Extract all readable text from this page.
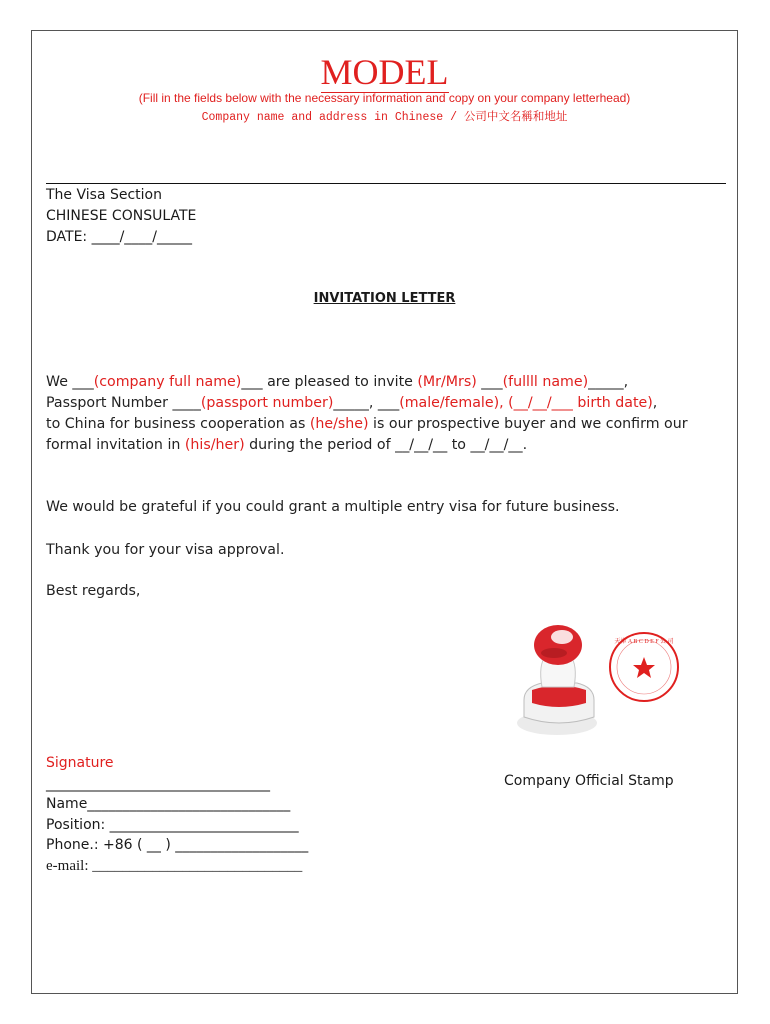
MODEL
(Fill in the fields below with the necessary information and copy on your company letterhead)
Company name and address in Chinese / 公司中文名稱和地址
The Visa Section
CHINESE CONSULATE
DATE: ____/____/_____
INVITATION LETTER
We ___(company full name)___ are pleased to invite (Mr/Mrs) ___(fullll name)_____,
Passport Number ____(passport number)_____, ___(male/female), (__/__/___ birth date),
to China for business cooperation as (he/she) is our prospective buyer and we confirm our
formal invitation in (his/her) during the period of __/__/__ to __/__/__.
We would be grateful if you could grant a multiple entry visa for future business.
Thank you for your visa approval.
Best regards,
天津 A B C D E F 公 司
Signature
________________________________
Name_____________________________
Position: ___________________________
Phone.: +86 ( __ ) ___________________
e-mail: ____________________________
Company Official Stamp
